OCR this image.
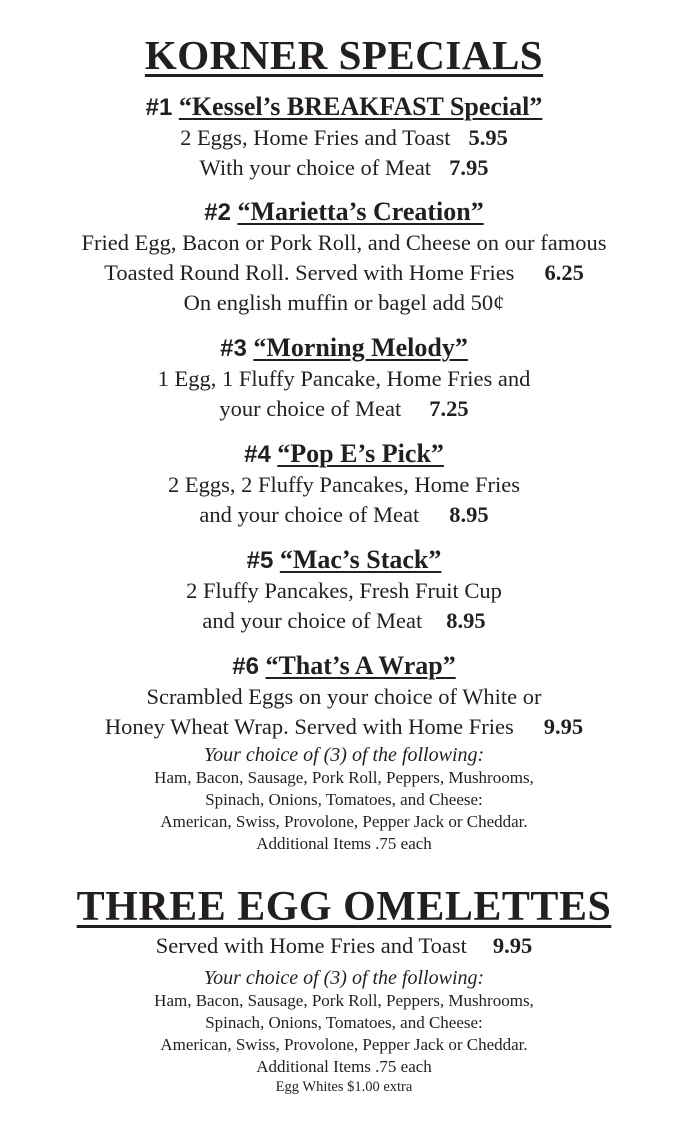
KORNER SPECIALS
#1 “Kessel’s BREAKFAST Special”
2 Eggs, Home Fries and Toast 5.95
With your choice of Meat 7.95
#2 “Marietta’s Creation”
Fried Egg, Bacon or Pork Roll, and Cheese on our famous
Toasted Round Roll. Served with Home Fries 6.25
On english muffin or bagel add 50¢
#3 “Morning Melody”
1 Egg, 1 Fluffy Pancake, Home Fries and
your choice of Meat 7.25
#4 “Pop E’s Pick”
2 Eggs, 2 Fluffy Pancakes, Home Fries
and your choice of Meat 8.95
#5 “Mac’s Stack”
2 Fluffy Pancakes, Fresh Fruit Cup
and your choice of Meat 8.95
#6 “That’s A Wrap”
Scrambled Eggs on your choice of White or
Honey Wheat Wrap. Served with Home Fries 9.95
Your choice of (3) of the following:
Ham, Bacon, Sausage, Pork Roll, Peppers, Mushrooms,
Spinach, Onions, Tomatoes, and Cheese:
American, Swiss, Provolone, Pepper Jack or Cheddar.
Additional Items .75 each
THREE EGG OMELETTES
Served with Home Fries and Toast 9.95
Your choice of (3) of the following:
Ham, Bacon, Sausage, Pork Roll, Peppers, Mushrooms,
Spinach, Onions, Tomatoes, and Cheese:
American, Swiss, Provolone, Pepper Jack or Cheddar.
Additional Items .75 each
Egg Whites $1.00 extra
